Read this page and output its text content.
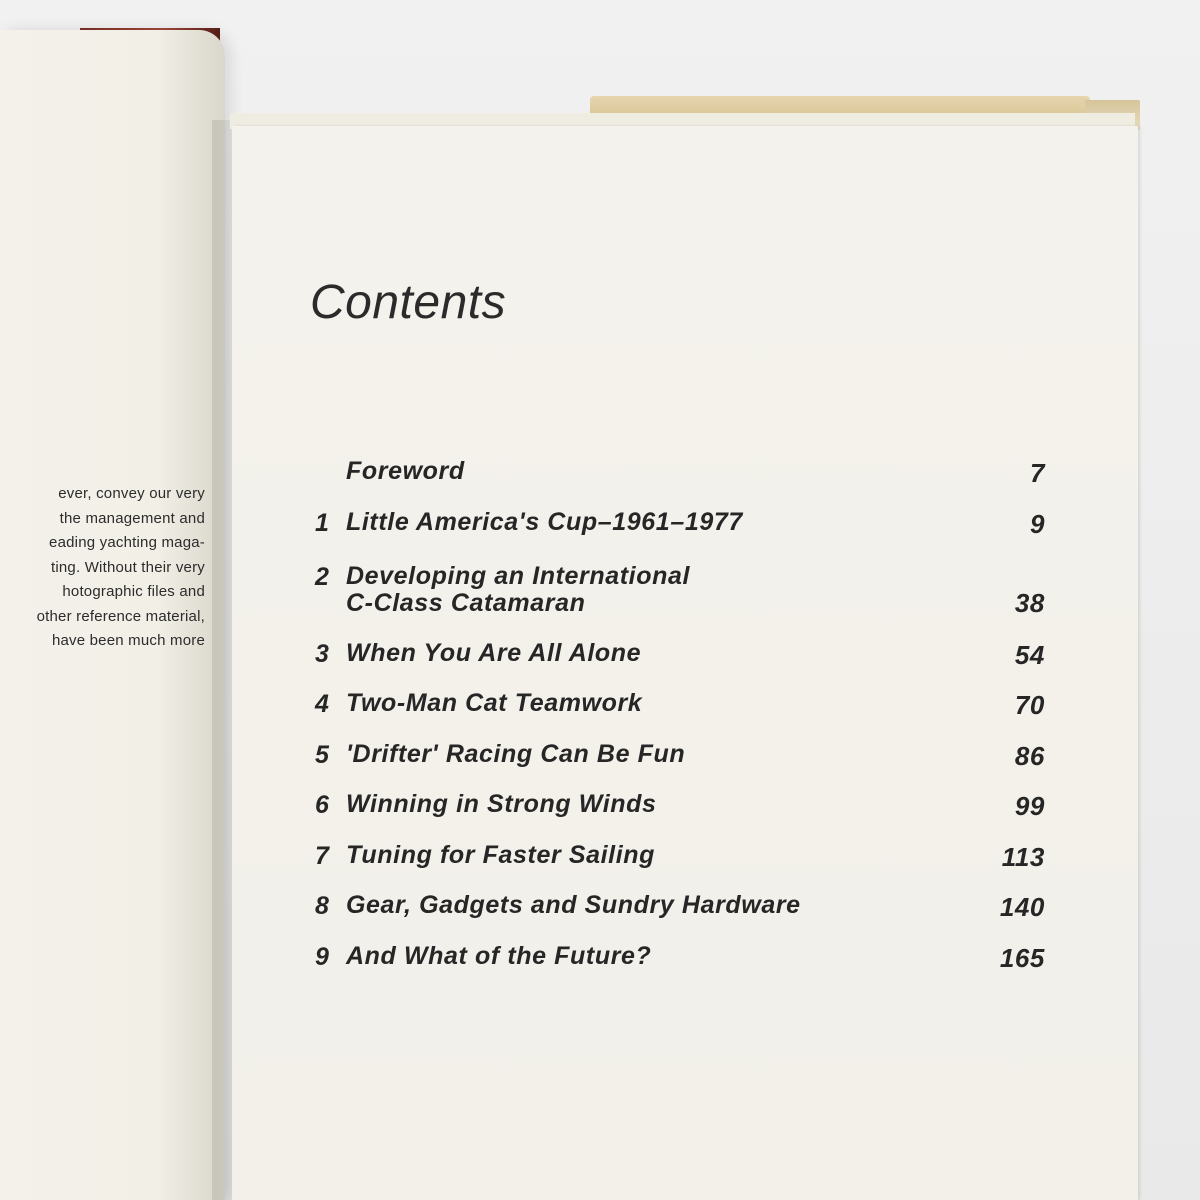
ever, convey our very
the management and
eading yachting maga-
ting. Without their very
hotographic files and
other reference material,
have been much more
Contents
Foreword	7
1 Little America's Cup–1961–1977	9
2 Developing an International
C-Class Catamaran	38
3 When You Are All Alone	54
4 Two-Man Cat Teamwork	70
5 'Drifter' Racing Can Be Fun	86
6 Winning in Strong Winds	99
7 Tuning for Faster Sailing	113
8 Gear, Gadgets and Sundry Hardware	140
9 And What of the Future?	165
